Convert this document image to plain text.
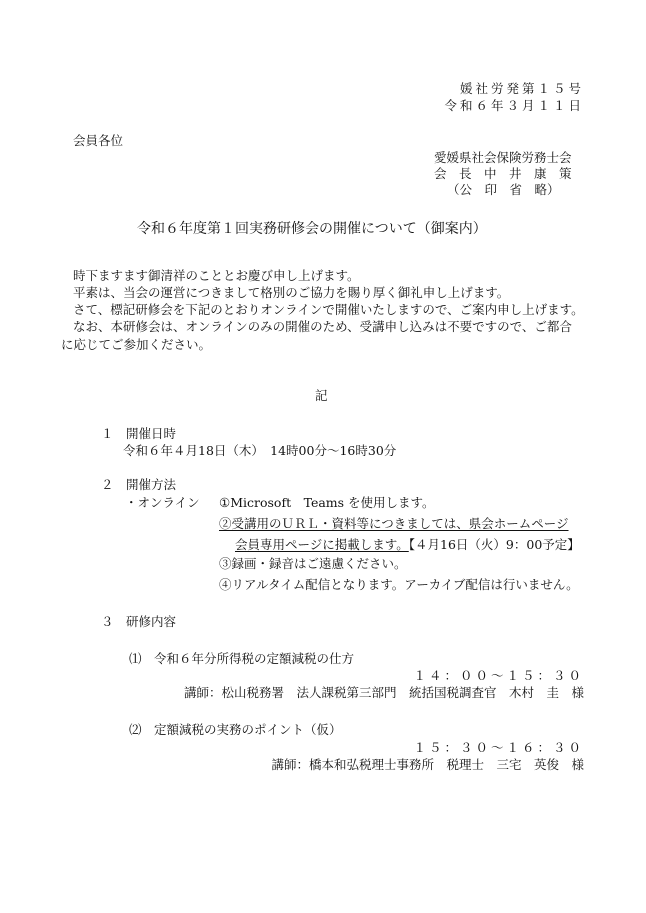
媛社労発第１５号
令和６年３月１１日
会員各位
愛媛県社会保険労務士会
会　長　中　井　康　策
（公　印　省　略）
令和６年度第１回実務研修会の開催について（御案内）
時下ますます御清祥のこととお慶び申し上げます。
平素は、当会の運営につきまして格別のご協力を賜り厚く御礼申し上げます。
さて、標記研修会を下記のとおりオンラインで開催いたしますので、ご案内申し上げます。
なお、本研修会は、オンラインのみの開催のため、受講申し込みは不要ですので、ご都合
に応じてご参加ください。
記
１　開催日時
令和６年４月18日（木）　14時00分～16時30分
２　開催方法
・オンライン ①Microsoft　Teams を使用します。
②受講用のＵＲＬ・資料等につきましては、県会ホームページ
会員専用ページに掲載します。【４月16日（火）9：00予定】
③録画・録音はご遠慮ください。
④リアルタイム配信となります。アーカイブ配信は行いません。
３　研修内容
⑴　令和６年分所得税の定額減税の仕方
１４：００～１５：３０
講師：松山税務署　法人課税第三部門　統括国税調査官　木村　圭　様
⑵　定額減税の実務のポイント（仮）
１５：３０～１６：３０
講師：橋本和弘税理士事務所　税理士　三宅　英俊　様
